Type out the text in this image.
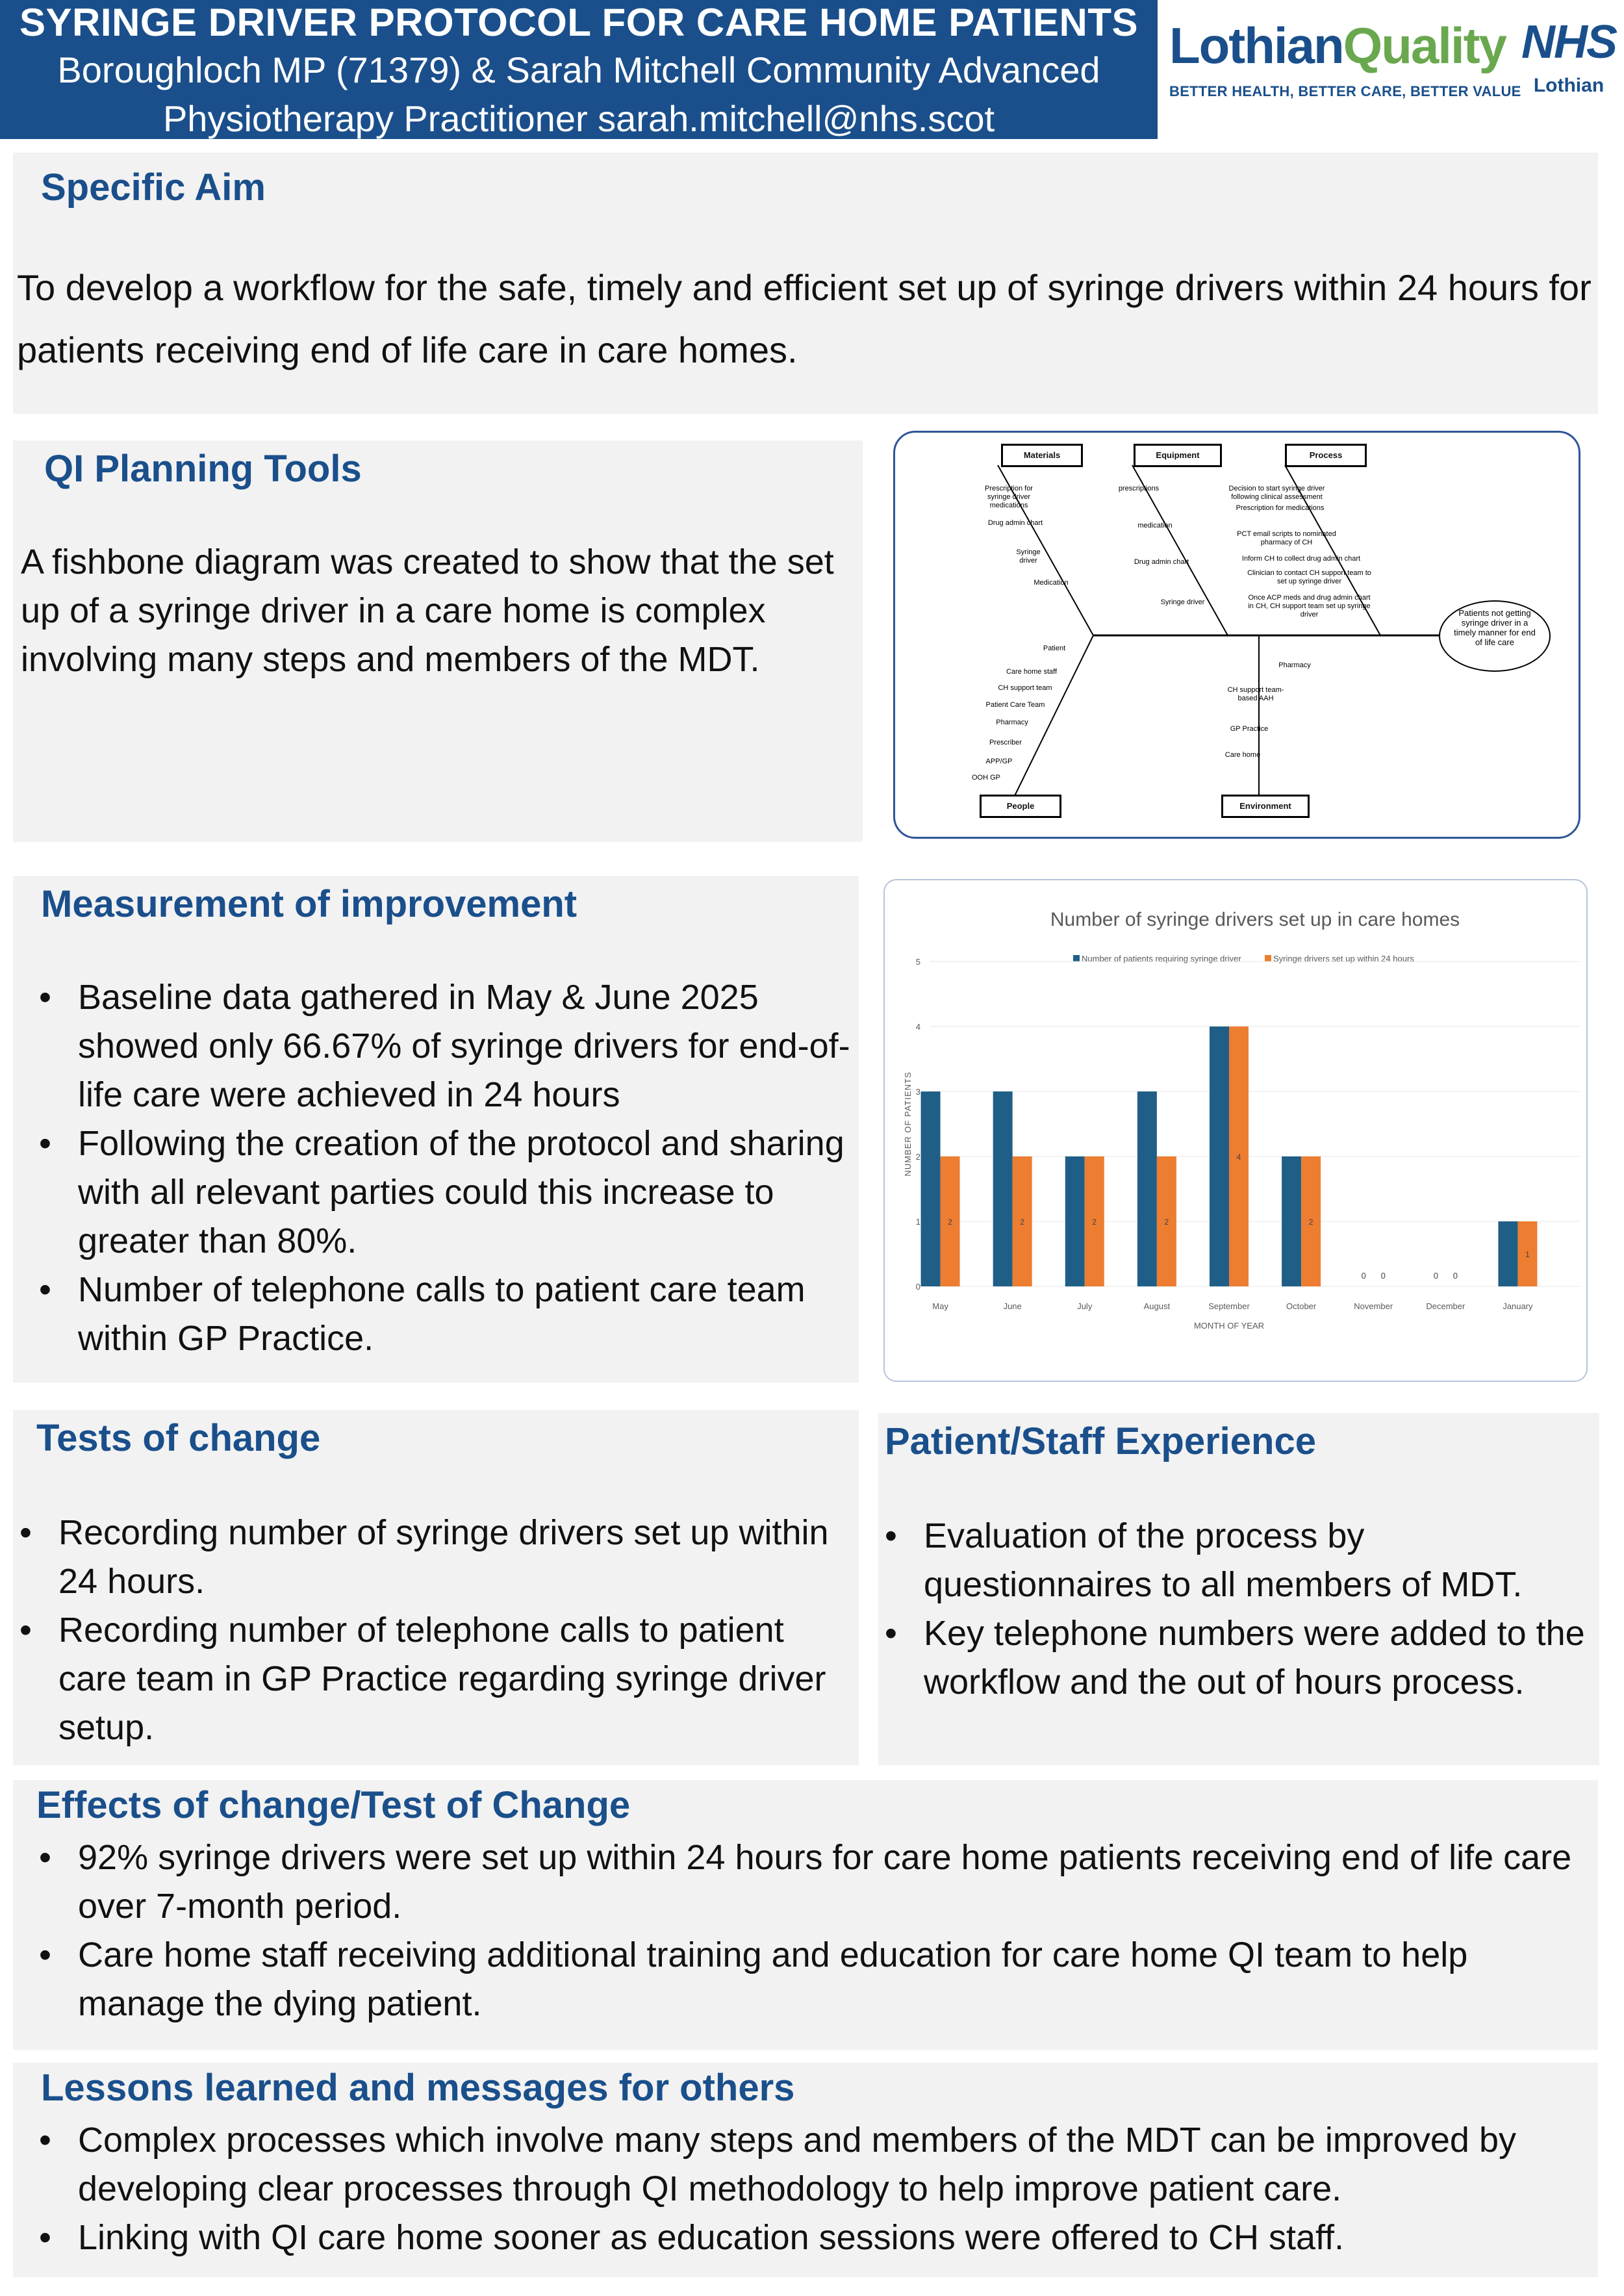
SYRINGE DRIVER PROTOCOL FOR CARE HOME PATIENTS
Boroughloch MP (71379) & Sarah Mitchell Community Advanced
Physiotherapy Practitioner sarah.mitchell@nhs.scot
LothianQuality
BETTER HEALTH, BETTER CARE, BETTER VALUE
NHS
Lothian
Specific Aim
To develop a workflow for the safe, timely and efficient set up of syringe drivers within 24 hours for patients receiving end of life care in care homes.
QI Planning Tools
A fishbone diagram was created to show that the set up of a syringe driver in a care home is complex involving many steps and members of the MDT.
Materials	Equipment	Process
People	Environment
Prescription for syringe driver medications
Drug admin chart
Syringe driver
Medication
prescriptions
medication
Drug admin chart
Syringe driver
Decision to start syringe driver following clinical assessment
Prescription for medications
PCT email scripts to nominated pharmacy of CH
Inform CH to collect drug admin chart
Clinician to contact CH support team to set up syringe driver
Once ACP meds and drug admin chart in CH, CH support team set up syringe driver
Patient
Care home staff
CH support team
Patient Care Team
Pharmacy
Prescriber
APP/GP
OOH GP
Pharmacy
CH support team- based AAH
GP Practice
Care home
Patients not getting syringe driver in a timely manner for end of life care
Measurement of improvement
• Baseline data gathered in May & June 2025 showed only 66.67% of syringe drivers for end-of-life care were achieved in 24 hours
• Following the creation of the protocol and sharing with all relevant parties could this increase to greater than 80%.
• Number of telephone calls to patient care team within GP Practice.
Number of syringe drivers set up in care homes
Number of patients requiring syringe driver	Syringe drivers set up within 24 hours
0
1
2
3
4
5
NUMBER OF PATIENTS
2
May
2
June
2
July
2
August
4
September
2
October
0 0
November
0 0
December
1
January
MONTH OF YEAR
Tests of change
• Recording number of syringe drivers set up within 24 hours.
• Recording number of telephone calls to patient care team in GP Practice regarding syringe driver setup.
Patient/Staff Experience
• Evaluation of the process by questionnaires to all members of MDT.
• Key telephone numbers were added to the workflow and the out of hours process.
Effects of change/Test of Change
• 92% syringe drivers were set up within 24 hours for care home patients receiving end of life care over 7-month period.
• Care home staff receiving additional training and education for care home QI team to help manage the dying patient.
Lessons learned and messages for others
• Complex processes which involve many steps and members of the MDT can be improved by developing clear processes through QI methodology to help improve patient care.
• Linking with QI care home sooner as education sessions were offered to CH staff.
